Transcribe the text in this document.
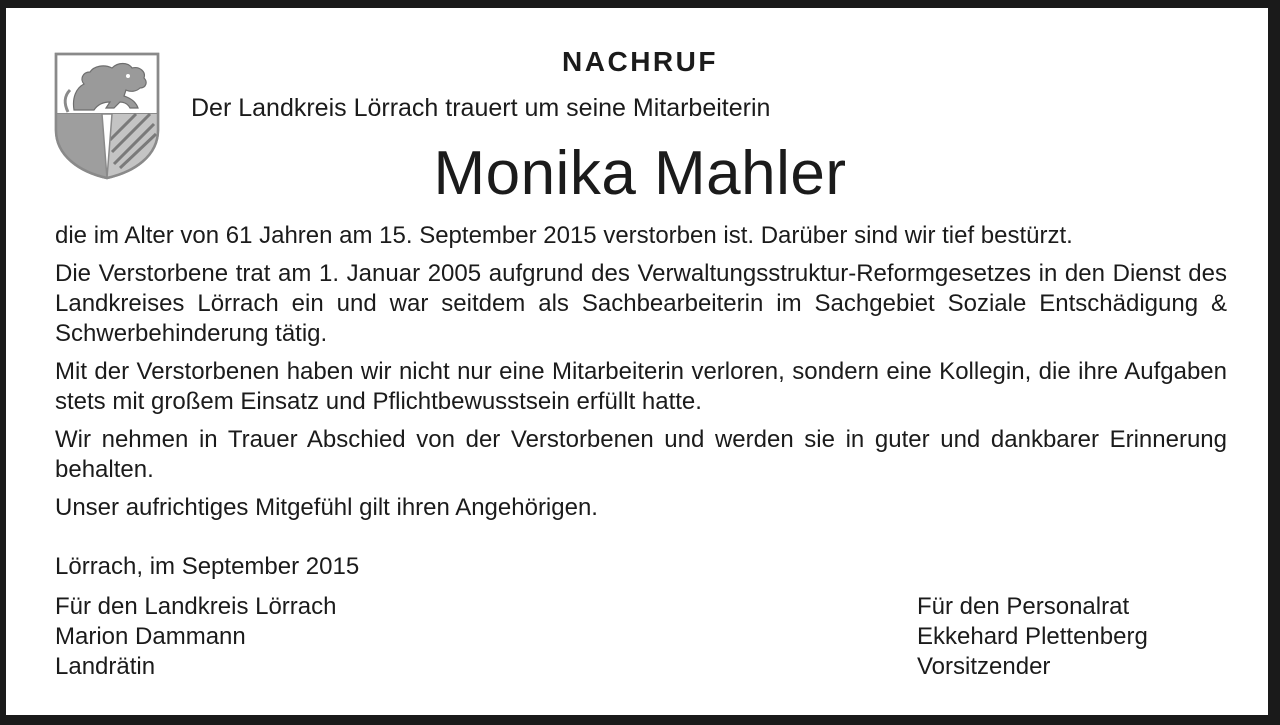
NACHRUF
Der Landkreis Lörrach trauert um seine Mitarbeiterin
Monika Mahler

die im Alter von 61 Jahren am 15. September 2015 verstorben ist. Darüber sind wir tief bestürzt.

Die Verstorbene trat am 1. Januar 2005 aufgrund des Verwaltungsstruktur-Reformgesetzes in den Dienst des Landkreises Lörrach ein und war seitdem als Sachbearbeiterin im Sachgebiet Soziale Entschädigung & Schwerbehinderung tätig.

Mit der Verstorbenen haben wir nicht nur eine Mitarbeiterin verloren, sondern eine Kollegin, die ihre Aufgaben stets mit großem Einsatz und Pflichtbewusstsein erfüllt hatte.

Wir nehmen in Trauer Abschied von der Verstorbenen und werden sie in guter und dankbarer Erinnerung behalten.

Unser aufrichtiges Mitgefühl gilt ihren Angehörigen.

Lörrach, im September 2015
Für den Landkreis Lörrach
Marion Dammann
Landrätin
Für den Personalrat
Ekkehard Plettenberg
Vorsitzender
